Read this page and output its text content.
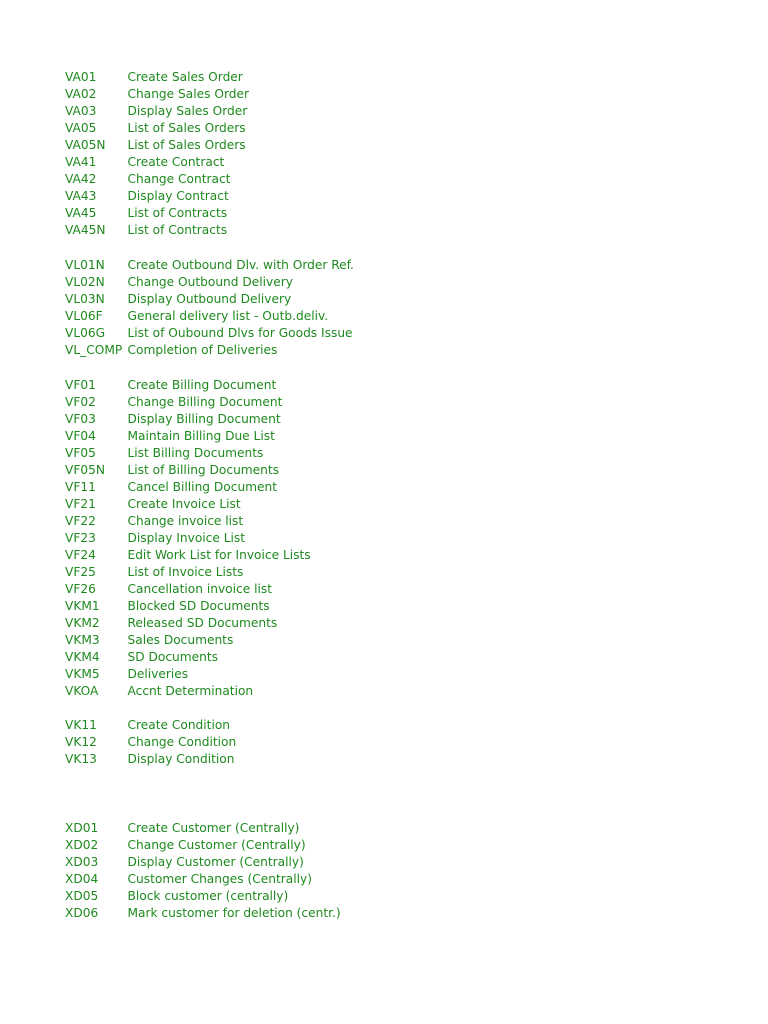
VA01	Create Sales Order
VA02	Change Sales Order
VA03	Display Sales Order
VA05	List of Sales Orders
VA05N	List of Sales Orders
VA41	Create Contract
VA42	Change Contract
VA43	Display Contract
VA45	List of Contracts
VA45N	List of Contracts
VL01N	Create Outbound Dlv. with Order Ref.
VL02N	Change Outbound Delivery
VL03N	Display Outbound Delivery
VL06F	General delivery list - Outb.deliv.
VL06G	List of Oubound Dlvs for Goods Issue
VL_COMP Completion of Deliveries
VF01	Create Billing Document
VF02	Change Billing Document
VF03	Display Billing Document
VF04	Maintain Billing Due List
VF05	List Billing Documents
VF05N	List of Billing Documents
VF11	Cancel Billing Document
VF21	Create Invoice List
VF22	Change invoice list
VF23	Display Invoice List
VF24	Edit Work List for Invoice Lists
VF25	List of Invoice Lists
VF26	Cancellation invoice list
VKM1	Blocked SD Documents
VKM2	Released SD Documents
VKM3	Sales Documents
VKM4	SD Documents
VKM5	Deliveries
VKOA	Accnt Determination
VK11	Create Condition
VK12	Change Condition
VK13	Display Condition
XD01	Create Customer (Centrally)
XD02	Change Customer (Centrally)
XD03	Display Customer (Centrally)
XD04	Customer Changes (Centrally)
XD05	Block customer (centrally)
XD06	Mark customer for deletion (centr.)
